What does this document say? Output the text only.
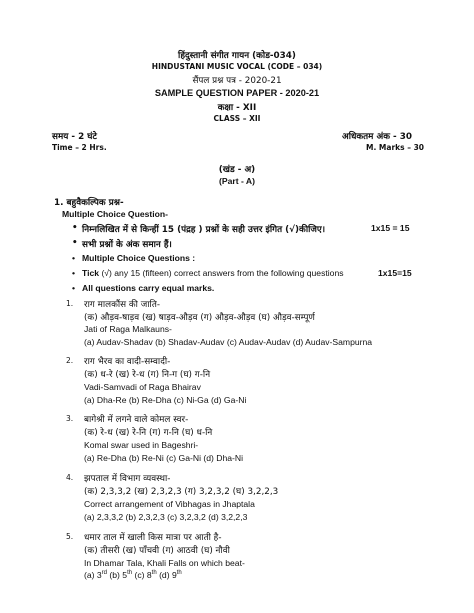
हिंदुस्तानी संगीत गायन (कोड-034)
HINDUSTANI MUSIC VOCAL (CODE – 034)
सैंपल प्रश्न पत्र - 2020-21
SAMPLE QUESTION PAPER - 2020-21
कक्षा - XII
CLASS – XII
समय - 2 घंटे
Time – 2 Hrs.
अधिकतम अंक - 30
M. Marks – 30
(खंड - अ)
(Part - A)
1. बहुवैकल्पिक प्रश्न-
Multiple Choice Question-
• निम्नलिखित में से किन्हीं 15 (पंद्रह ) प्रश्नों के सही उत्तर इंगित (√)कीजिए।	1x15 = 15
• सभी प्रश्नों के अंक समान हैं।
• Multiple Choice Questions :
• Tick (√) any 15 (fifteen) correct answers from the following questions	1x15=15
• All questions carry equal marks.
1. राग मालकौंस की जाति-
(क) औड़व-षाड़व (ख) षाड़व-औड़व (ग) औड़व-औड़व (घ) औड़व-सम्पूर्ण
Jati of Raga Malkauns-
(a) Audav-Shadav (b) Shadav-Audav (c) Audav-Audav (d) Audav-Sampurna
2. राग भैरव का वादी-सम्वादी-
(क) ध-रे (ख) रे-ध (ग) नि-ग (घ) ग-नि
Vadi-Samvadi of Raga Bhairav
(a) Dha-Re (b) Re-Dha (c) Ni-Ga (d) Ga-Ni
3. बागेश्री में लगने वाले कोमल स्वर-
(क) रे-ध (ख) रे-नि (ग) ग-नि (घ) ध-नि
Komal swar used in Bageshri-
(a) Re-Dha (b) Re-Ni (c) Ga-Ni (d) Dha-Ni
4. झपताल में विभाग व्यवस्था-
(क) 2,3,3,2 (ख) 2,3,2,3 (ग) 3,2,3,2 (घ) 3,2,2,3
Correct arrangement of Vibhagas in Jhaptala
(a) 2,3,3,2 (b) 2,3,2,3 (c) 3,2,3,2 (d) 3,2,2,3
5. धमार ताल में खाली किस मात्रा पर आती है-
(क) तीसरी (ख) पाँचवी (ग) आठवी (घ) नौवी
In Dhamar Tala, Khali Falls on which beat-
(a) 3rd (b) 5th (c) 8th (d) 9th
